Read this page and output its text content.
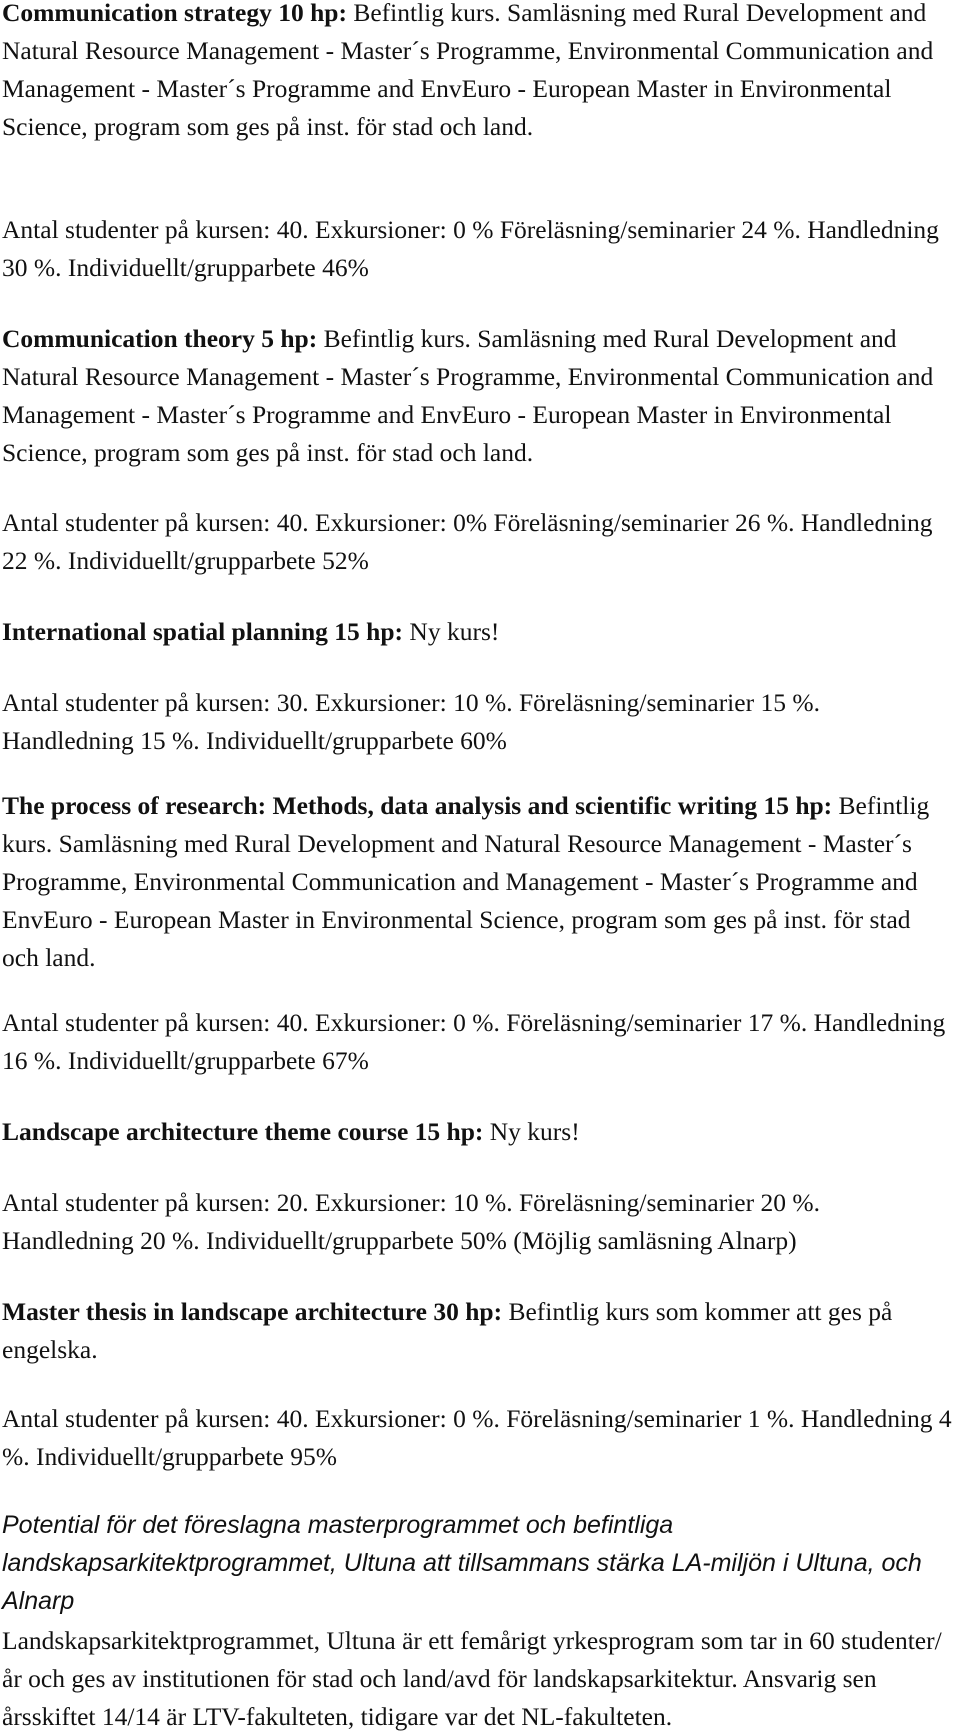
Communication strategy 10 hp: Befintlig kurs. Samläsning med Rural Development and Natural Resource Management - Master´s Programme, Environmental Communication and Management - Master´s Programme and EnvEuro - European Master in Environmental Science, program som ges på inst. för stad och land.

Antal studenter på kursen: 40. Exkursioner: 0 % Föreläsning/seminarier 24 %. Handledning 30 %. Individuellt/grupparbete 46%

Communication theory 5 hp: Befintlig kurs. Samläsning med Rural Development and Natural Resource Management - Master´s Programme, Environmental Communication and Management - Master´s Programme and EnvEuro - European Master in Environmental Science, program som ges på inst. för stad och land.

Antal studenter på kursen: 40. Exkursioner: 0% Föreläsning/seminarier 26 %. Handledning 22 %. Individuellt/grupparbete 52%

International spatial planning 15 hp: Ny kurs!

Antal studenter på kursen: 30. Exkursioner: 10 %. Föreläsning/seminarier 15 %. Handledning 15 %. Individuellt/grupparbete 60%

The process of research: Methods, data analysis and scientific writing 15 hp: Befintlig kurs. Samläsning med Rural Development and Natural Resource Management - Master´s Programme, Environmental Communication and Management - Master´s Programme and EnvEuro - European Master in Environmental Science, program som ges på inst. för stad och land.

Antal studenter på kursen: 40. Exkursioner: 0 %. Föreläsning/seminarier 17 %. Handledning 16 %. Individuellt/grupparbete 67%

Landscape architecture theme course 15 hp: Ny kurs!

Antal studenter på kursen: 20. Exkursioner: 10 %. Föreläsning/seminarier 20 %. Handledning 20 %. Individuellt/grupparbete 50% (Möjlig samläsning Alnarp)

Master thesis in landscape architecture 30 hp: Befintlig kurs som kommer att ges på engelska.

Antal studenter på kursen: 40. Exkursioner: 0 %. Föreläsning/seminarier 1 %. Handledning 4 %. Individuellt/grupparbete 95%

Potential för det föreslagna masterprogrammet och befintliga landskapsarkitektprogrammet, Ultuna att tillsammans stärka LA-miljön i Ultuna, och Alnarp

Landskapsarkitektprogrammet, Ultuna är ett femårigt yrkesprogram som tar in 60 studenter/år och ges av institutionen för stad och land/avd för landskapsarkitektur. Ansvarig sen årsskiftet 14/14 är LTV-fakulteten, tidigare var det NL-fakulteten.
